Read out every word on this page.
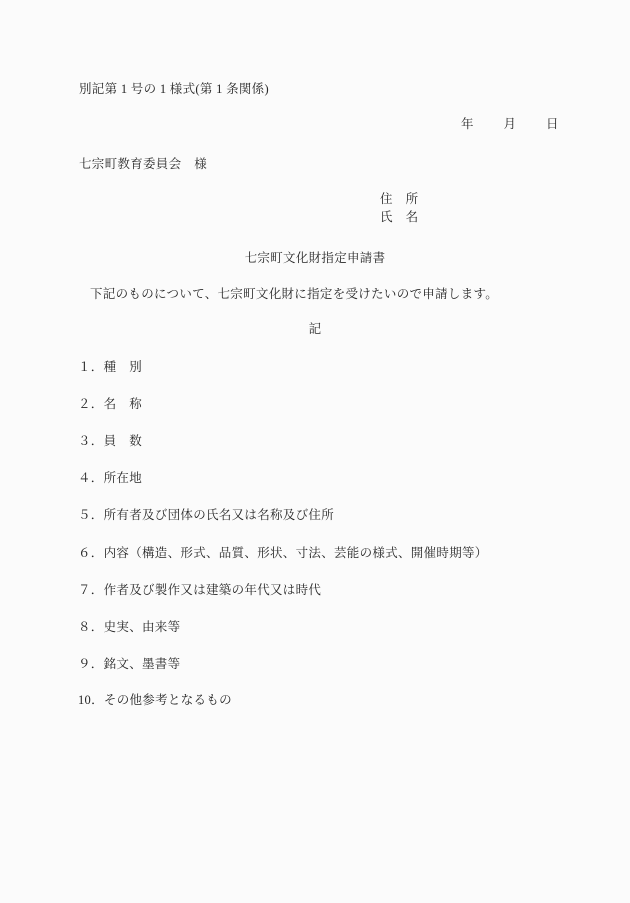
別記第 1 号の 1 様式(第 1 条関係)
年 月 日
七宗町教育委員会　様
住　所
氏　名
七宗町文化財指定申請書
下記のものについて、七宗町文化財に指定を受けたいので申請します。
記
１．種　別
２．名　称
３．員　数
４．所在地
５．所有者及び団体の氏名又は名称及び住所
６．内容（構造、形式、品質、形状、寸法、芸能の様式、開催時期等）
７．作者及び製作又は建築の年代又は時代
８．史実、由来等
９．銘文、墨書等
10．その他参考となるもの
